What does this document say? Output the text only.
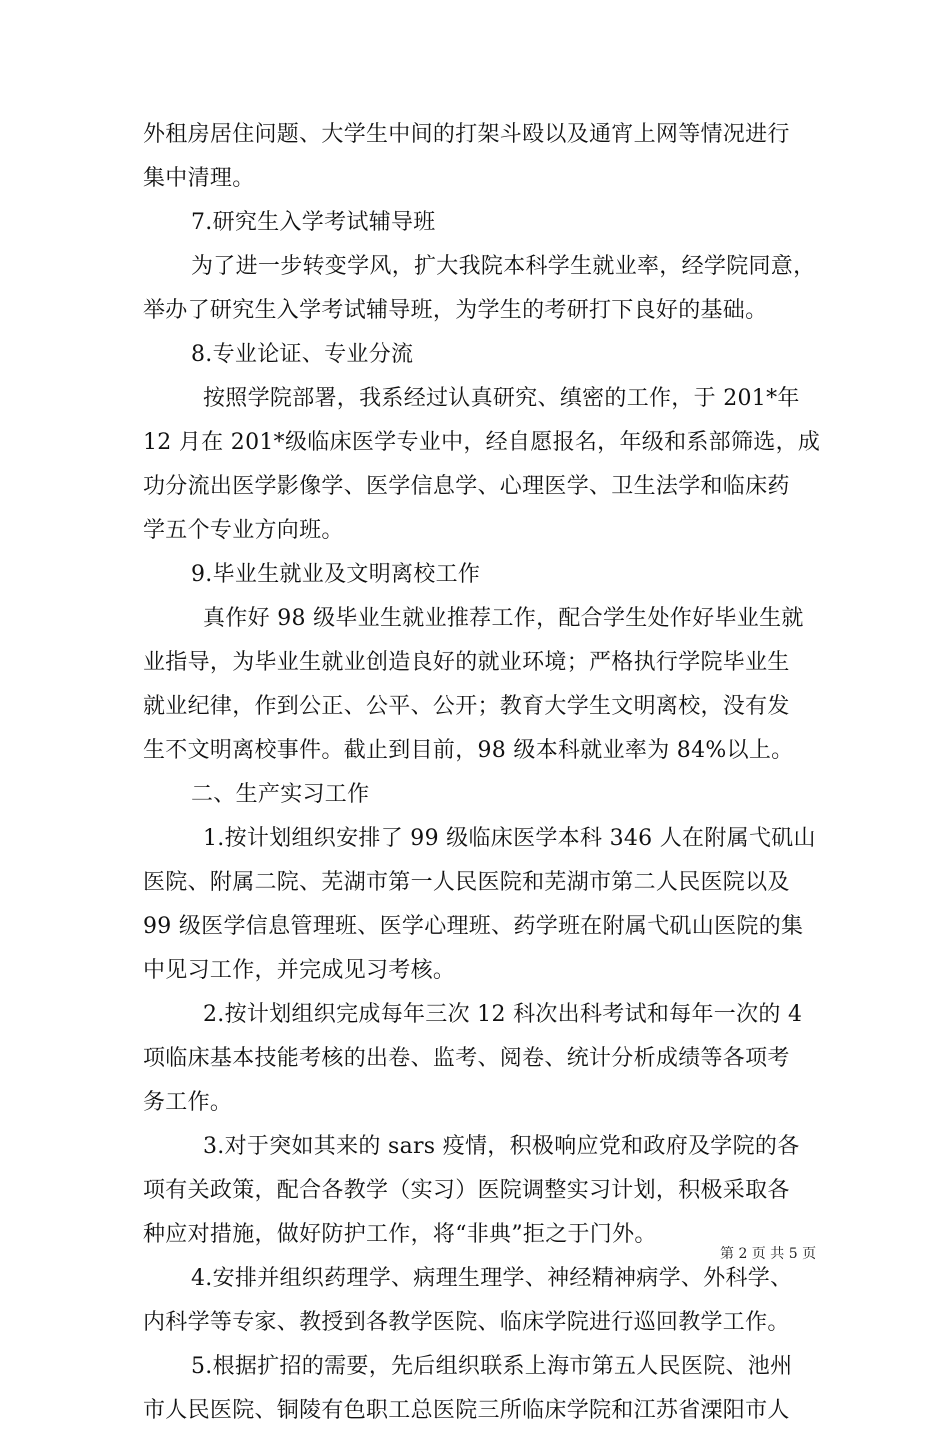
外租房居住问题、大学生中间的打架斗殴以及通宵上网等情况进行
集中清理。
7.研究生入学考试辅导班
为了进一步转变学风，扩大我院本科学生就业率，经学院同意，
举办了研究生入学考试辅导班，为学生的考研打下良好的基础。
8.专业论证、专业分流
按照学院部署，我系经过认真研究、缜密的工作，于 201*年
12 月在 201*级临床医学专业中，经自愿报名，年级和系部筛选，成
功分流出医学影像学、医学信息学、心理医学、卫生法学和临床药
学五个专业方向班。
9.毕业生就业及文明离校工作
真作好 98 级毕业生就业推荐工作，配合学生处作好毕业生就
业指导，为毕业生就业创造良好的就业环境；严格执行学院毕业生
就业纪律，作到公正、公平、公开；教育大学生文明离校，没有发
生不文明离校事件。截止到目前，98 级本科就业率为 84%以上。
二、生产实习工作
1.按计划组织安排了 99 级临床医学本科 346 人在附属弋矶山
医院、附属二院、芜湖市第一人民医院和芜湖市第二人民医院以及
99 级医学信息管理班、医学心理班、药学班在附属弋矶山医院的集
中见习工作，并完成见习考核。
2.按计划组织完成每年三次 12 科次出科考试和每年一次的 4
项临床基本技能考核的出卷、监考、阅卷、统计分析成绩等各项考
务工作。
3.对于突如其来的 sars 疫情，积极响应党和政府及学院的各
项有关政策，配合各教学（实习）医院调整实习计划，积极采取各
种应对措施，做好防护工作，将“非典”拒之于门外。
4.安排并组织药理学、病理生理学、神经精神病学、外科学、
内科学等专家、教授到各教学医院、临床学院进行巡回教学工作。
5.根据扩招的需要，先后组织联系上海市第五人民医院、池州
市人民医院、铜陵有色职工总医院三所临床学院和江苏省溧阳市人
第 2 页 共 5 页
